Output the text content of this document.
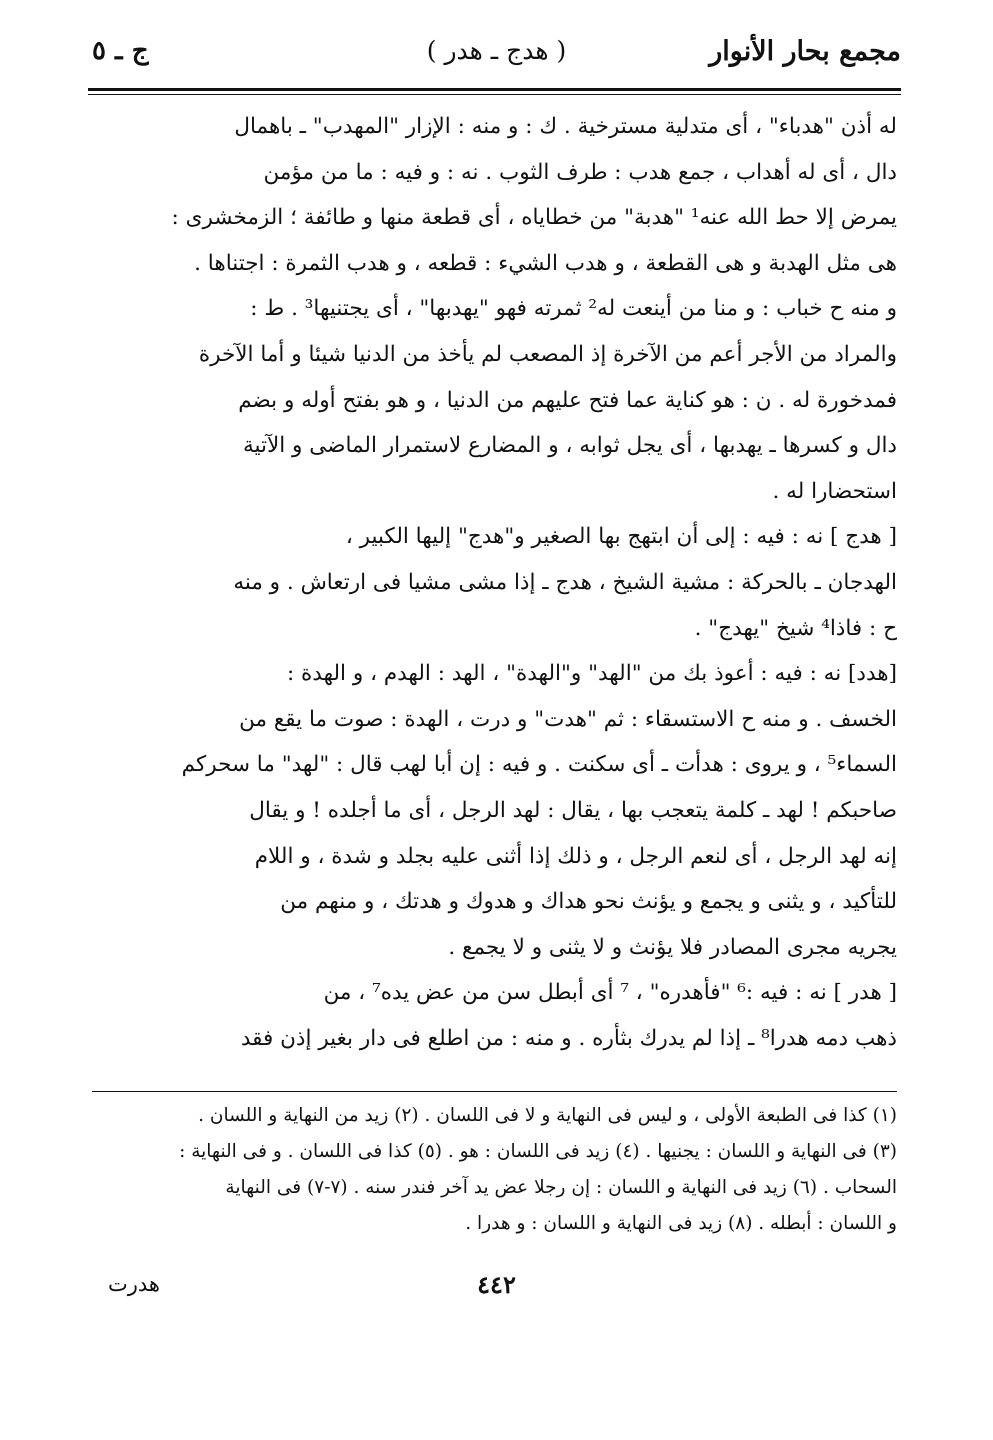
مجمع بحار الأنوار
( هدج ـ هدر )
ج ـ ٥

له أذن "هدباء" ، أى متدلية مسترخية . ك : و منه : الإزار "المهدب" ـ باهمال

دال ، أى له أهداب ، جمع هدب : طرف الثوب . نه : و فيه : ما من مؤمن

يمرض إلا حط الله عنه¹ "هدبة" من خطاياه ، أى قطعة منها و طائفة ؛ الزمخشرى :

هى مثل الهدبة و هى القطعة ، و هدب الشيء : قطعه ، و هدب الثمرة : اجتناها .

و منه ح خباب : و منا من أينعت له² ثمرته فهو "يهدبها" ، أى يجتنيها³ . ط :

والمراد من الأجر أعم من الآخرة إذ المصعب لم يأخذ من الدنيا شيئا و أما الآخرة

فمدخورة له . ن : هو كناية عما فتح عليهم من الدنيا ، و هو بفتح أوله و بضم

دال و كسرها ـ يهدبها ، أى يجل ثوابه ، و المضارع لاستمرار الماضى و الآتية

استحضارا له .

[ هدج ] نه : فيه : إلى أن ابتهج بها الصغير و"هدج" إليها الكبير ،

الهدجان ـ بالحركة : مشية الشيخ ، هدج ـ إذا مشى مشيا فى ارتعاش . و منه

ح : فاذا⁴ شيخ "يهدج" .

[هدد] نه : فيه : أعوذ بك من "الهد" و"الهدة" ، الهد : الهدم ، و الهدة :

الخسف . و منه ح الاستسقاء : ثم "هدت" و درت ، الهدة : صوت ما يقع من

السماء⁵ ، و يروى : هدأت ـ أى سكنت . و فيه : إن أبا لهب قال : "لهد" ما سحركم

صاحبكم ! لهد ـ كلمة يتعجب بها ، يقال : لهد الرجل ، أى ما أجلده ! و يقال

إنه لهد الرجل ، أى لنعم الرجل ، و ذلك إذا أثنى عليه بجلد و شدة ، و اللام

للتأكيد ، و يثنى و يجمع و يؤنث نحو هداك و هدوك و هدتك ، و منهم من

يجريه مجرى المصادر فلا يؤنث و لا يثنى و لا يجمع .

[ هدر ] نه : فيه :⁶ "فأهدره" ، ⁷ أى أبطل سن من عض يده⁷ ، من

ذهب دمه هدرا⁸ ـ إذا لم يدرك بثأره . و منه : من اطلع فى دار بغير إذن فقد

(١) كذا فى الطبعة الأولى ، و ليس فى النهاية و لا فى اللسان . (٢) زيد من النهاية و اللسان .

(٣) فى النهاية و اللسان : يجنيها . (٤) زيد فى اللسان : هو . (٥) كذا فى اللسان . و فى النهاية :

السحاب . (٦) زيد فى النهاية و اللسان : إن رجلا عض يد آخر فندر سنه . (٧-٧) فى النهاية

و اللسان : أبطله . (٨) زيد فى النهاية و اللسان : و هدرا .

هدرت	٤٤٢
